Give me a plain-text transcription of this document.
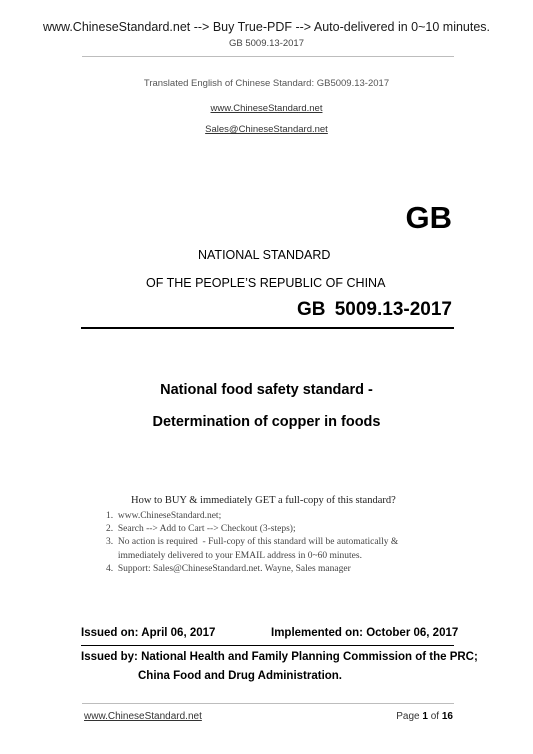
www.ChineseStandard.net --> Buy True-PDF --> Auto-delivered in 0~10 minutes.
GB 5009.13-2017
Translated English of Chinese Standard: GB5009.13-2017
www.ChineseStandard.net
Sales@ChineseStandard.net
GB
NATIONAL STANDARD
OF THE PEOPLE’S REPUBLIC OF CHINA
GB 5009.13-2017
National food safety standard -
Determination of copper in foods
How to BUY & immediately GET a full-copy of this standard?
1.  www.ChineseStandard.net;
2.  Search --> Add to Cart --> Checkout (3-steps);
3.  No action is required  - Full-copy of this standard will be automatically &
immediately delivered to your EMAIL address in 0~60 minutes.
4.  Support: Sales@ChineseStandard.net. Wayne, Sales manager
Issued on: April 06, 2017	Implemented on: October 06, 2017
Issued by: National Health and Family Planning Commission of the PRC;
China Food and Drug Administration.
www.ChineseStandard.net	Page 1 of 16
